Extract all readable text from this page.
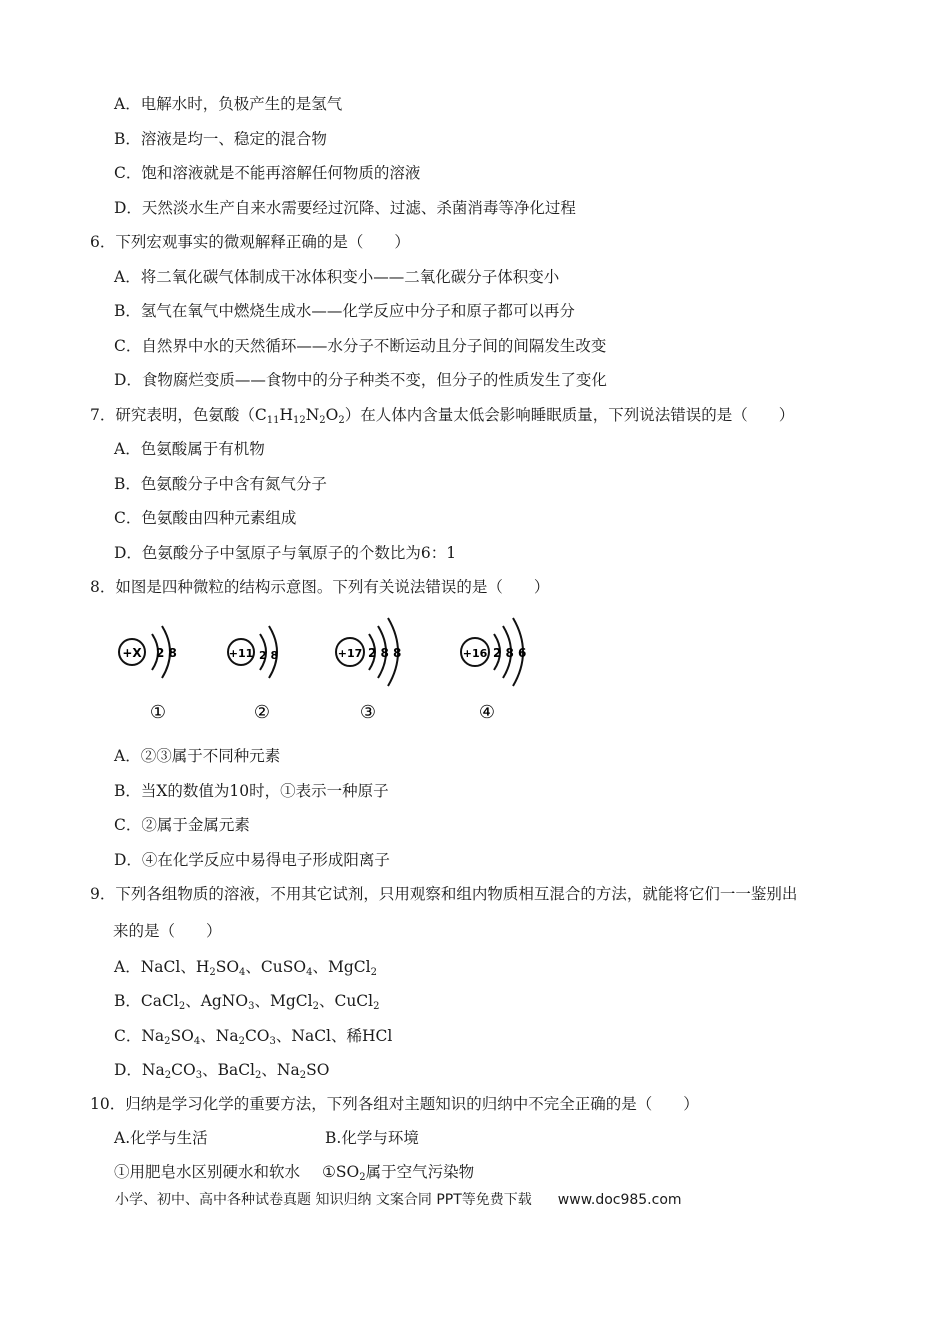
A．电解水时，负极产生的是氢气
B．溶液是均一、稳定的混合物
C．饱和溶液就是不能再溶解任何物质的溶液
D．天然淡水生产自来水需要经过沉降、过滤、杀菌消毒等净化过程
6．下列宏观事实的微观解释正确的是（　　）
A．将二氧化碳气体制成干冰体积变小——二氧化碳分子体积变小
B．氢气在氧气中燃烧生成水——化学反应中分子和原子都可以再分
C．自然界中水的天然循环——水分子不断运动且分子间的间隔发生改变
D．食物腐烂变质——食物中的分子种类不变，但分子的性质发生了变化
7．研究表明，色氨酸$(C_{11}H_{12}N_2O_2)$在人体内含量太低会影响睡眠质量，下列说法错误的是（　　）
A．色氨酸属于有机物
B．色氨酸分子中含有氮气分子
C．色氨酸由四种元素组成
D．色氨酸分子中氢原子与氧原子的个数比为6：1
8．如图是四种微粒的结构示意图。下列有关说法错误的是（　　）
+X 2 8
①
+11 2 8
②
+17 2 8 8
③
+16 2 8 6
④
A．②③属于不同种元素
B．当X的数值为10时，①表示一种原子
C．②属于金属元素
D．④在化学反应中易得电子形成阳离子
9．下列各组物质的溶液，不用其它试剂，只用观察和组内物质相互混合的方法，就能将它们一一鉴别出
来的是（　　）
A．NaCl、$H_2SO_4$、CuSO$_4$、MgCl$_2$
B．CaCl$_2$、AgNO$_3$、MgCl$_2$、CuCl$_2$
C．$Na_2SO_4$、$Na_2CO_3$、NaCl、稀HCl
D．$Na_2CO_3$、BaCl$_2$、$Na_2SO$
10．归纳是学习化学的重要方法，下列各组对主题知识的归纳中不完全正确的是（　　）
A.化学与生活	B.化学与环境
①用肥皂水区别硬水和软水 $①SO_2$属于空气污染物
小学、初中、高中各种试卷真题 知识归纳 文案合同 PPT等免费下载 www.doc985.com
